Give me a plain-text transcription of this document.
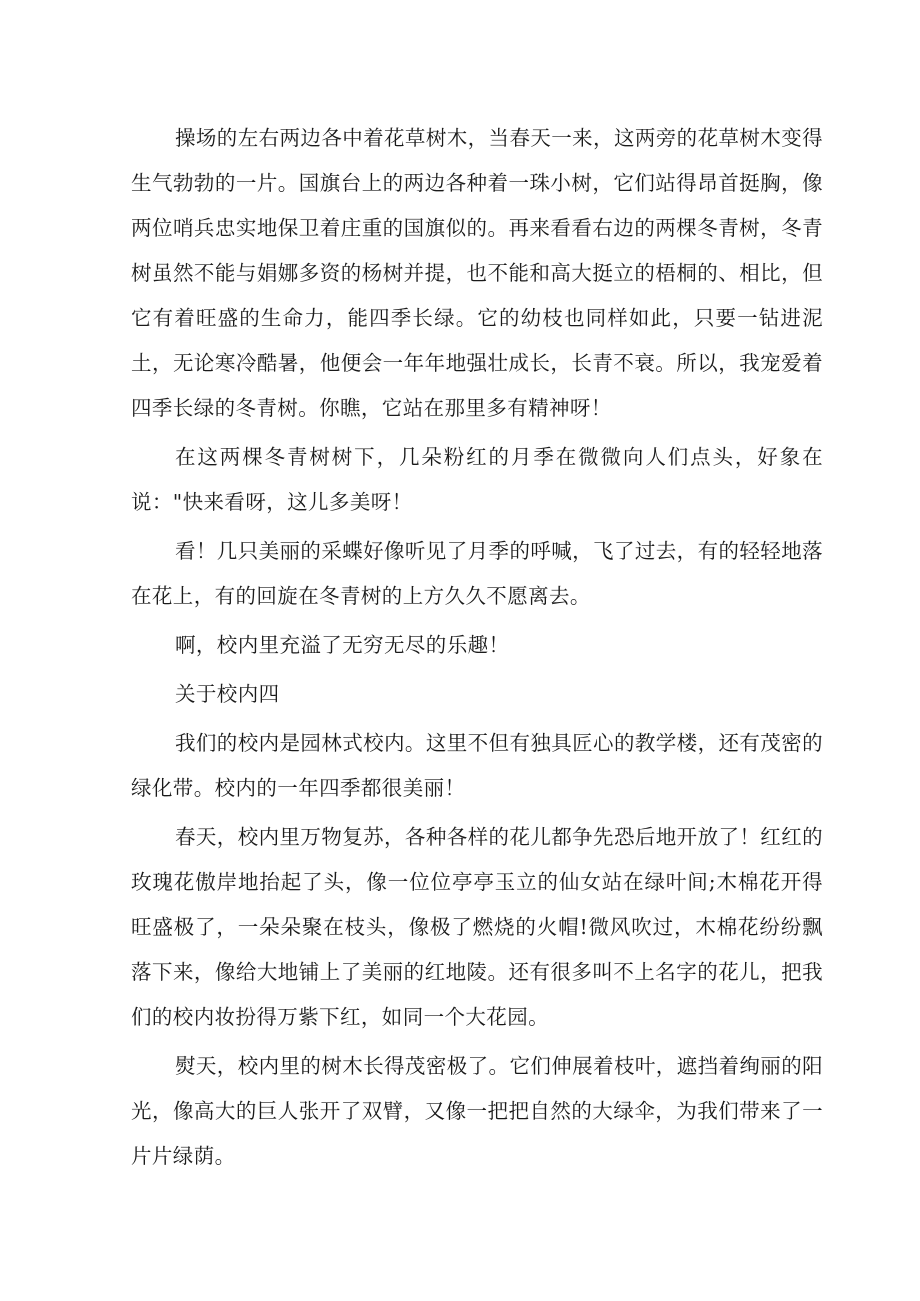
操场的左右两边各中着花草树木，当春天一来，这两旁的花草树木变得生气勃勃的一片。国旗台上的两边各种着一珠小树，它们站得昂首挺胸，像两位哨兵忠实地保卫着庄重的国旗似的。再来看看右边的两棵冬青树，冬青树虽然不能与娟娜多资的杨树并提，也不能和高大挺立的梧桐的、相比，但它有着旺盛的生命力，能四季长绿。它的幼枝也同样如此，只要一钻进泥土，无论寒冷酷暑，他便会一年年地强壮成长，长青不衰。所以，我宠爱着四季长绿的冬青树。你瞧，它站在那里多有精神呀！

在这两棵冬青树树下，几朵粉红的月季在微微向人们点头，好象在说："快来看呀，这儿多美呀！

看！几只美丽的采蝶好像听见了月季的呼喊，飞了过去，有的轻轻地落在花上，有的回旋在冬青树的上方久久不愿离去。

啊，校内里充溢了无穷无尽的乐趣！

关于校内四

我们的校内是园林式校内。这里不但有独具匠心的教学楼，还有茂密的绿化带。校内的一年四季都很美丽！

春天，校内里万物复苏，各种各样的花儿都争先恐后地开放了！红红的玫瑰花傲岸地抬起了头，像一位位亭亭玉立的仙女站在绿叶间;木棉花开得旺盛极了，一朵朵聚在枝头，像极了燃烧的火帽!微风吹过，木棉花纷纷飘落下来，像给大地铺上了美丽的红地陵。还有很多叫不上名字的花儿，把我们的校内妆扮得万紫下红，如同一个大花园。

熨天，校内里的树木长得茂密极了。它们伸展着枝叶，遮挡着绚丽的阳光，像高大的巨人张开了双臂，又像一把把自然的大绿伞，为我们带来了一片片绿荫。
